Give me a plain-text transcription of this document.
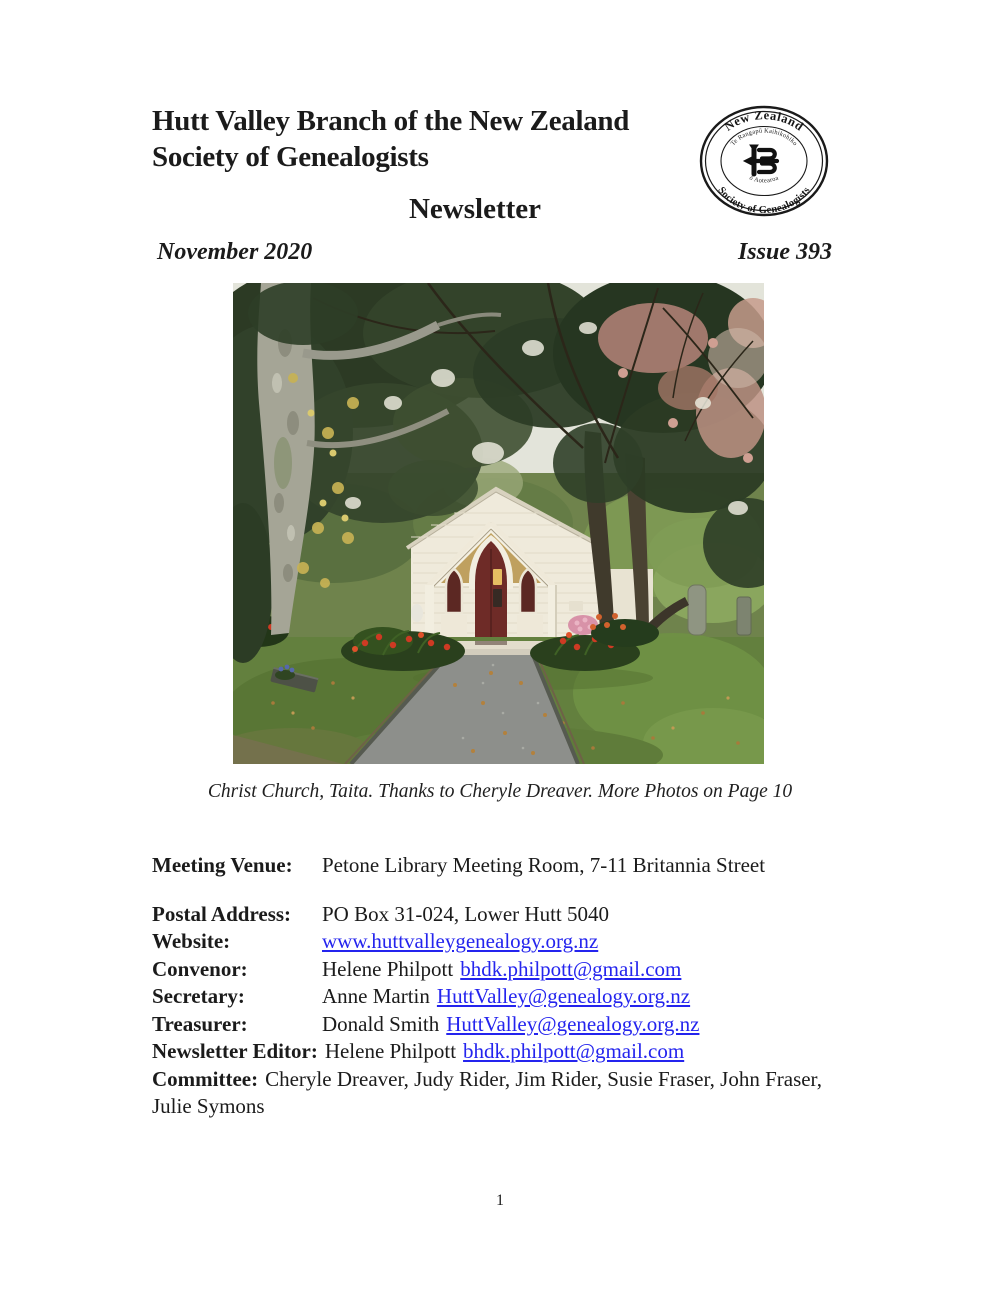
Hutt Valley Branch of the New Zealand
Society of Genealogists
Newsletter
November 2020	Issue 393
New Zealand
Society of Genealogists
Te Rangapū Kaihikohiko
ō Aotearoa
Christ Church, Taita. Thanks to Cheryle Dreaver. More Photos on Page 10
Meeting Venue: Petone Library Meeting Room, 7-11 Britannia Street
Postal Address: PO Box 31-024, Lower Hutt 5040
Website:	www.huttvalleygenealogy.org.nz
Convenor:	Helene Philpott bhdk.philpott@gmail.com
Secretary:	Anne Martin HuttValley@genealogy.org.nz
Treasurer:	Donald Smith HuttValley@genealogy.org.nz
Newsletter Editor: Helene Philpott bhdk.philpott@gmail.com
Committee: Cheryle Dreaver, Judy Rider, Jim Rider, Susie Fraser, John Fraser, Julie Symons
1
